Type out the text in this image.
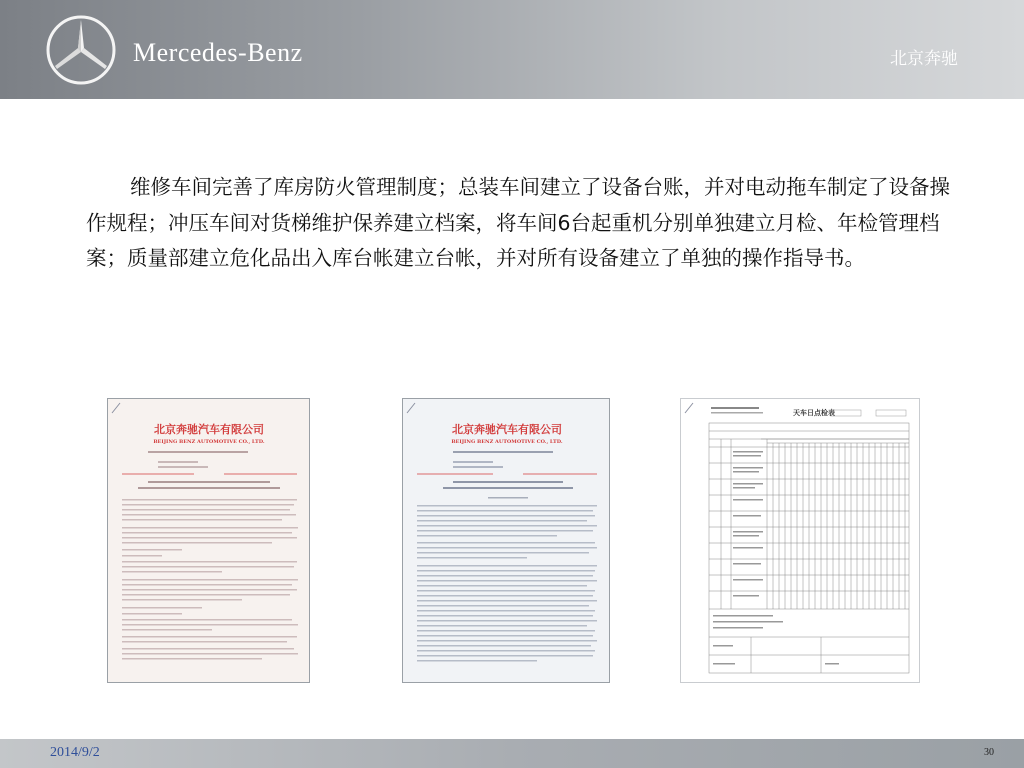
Mercedes-Benz	北京奔驰

维修车间完善了库房防火管理制度；总装车间建立了设备台账，并对电动拖车制定了设备操作规程；冲压车间对货梯维护保养建立档案，将车间6台起重机分别单独建立月检、年检管理档案；质量部建立危化品出入库台帐建立台帐，并对所有设备建立了单独的操作指导书。

北京奔驰汽车有限公司
BEIJING BENZ AUTOMOTIVE CO., LTD.
北京奔驰汽车有限公司
BEIJING BENZ AUTOMOTIVE CO., LTD.
天车日点检表
2014/9/2	30
